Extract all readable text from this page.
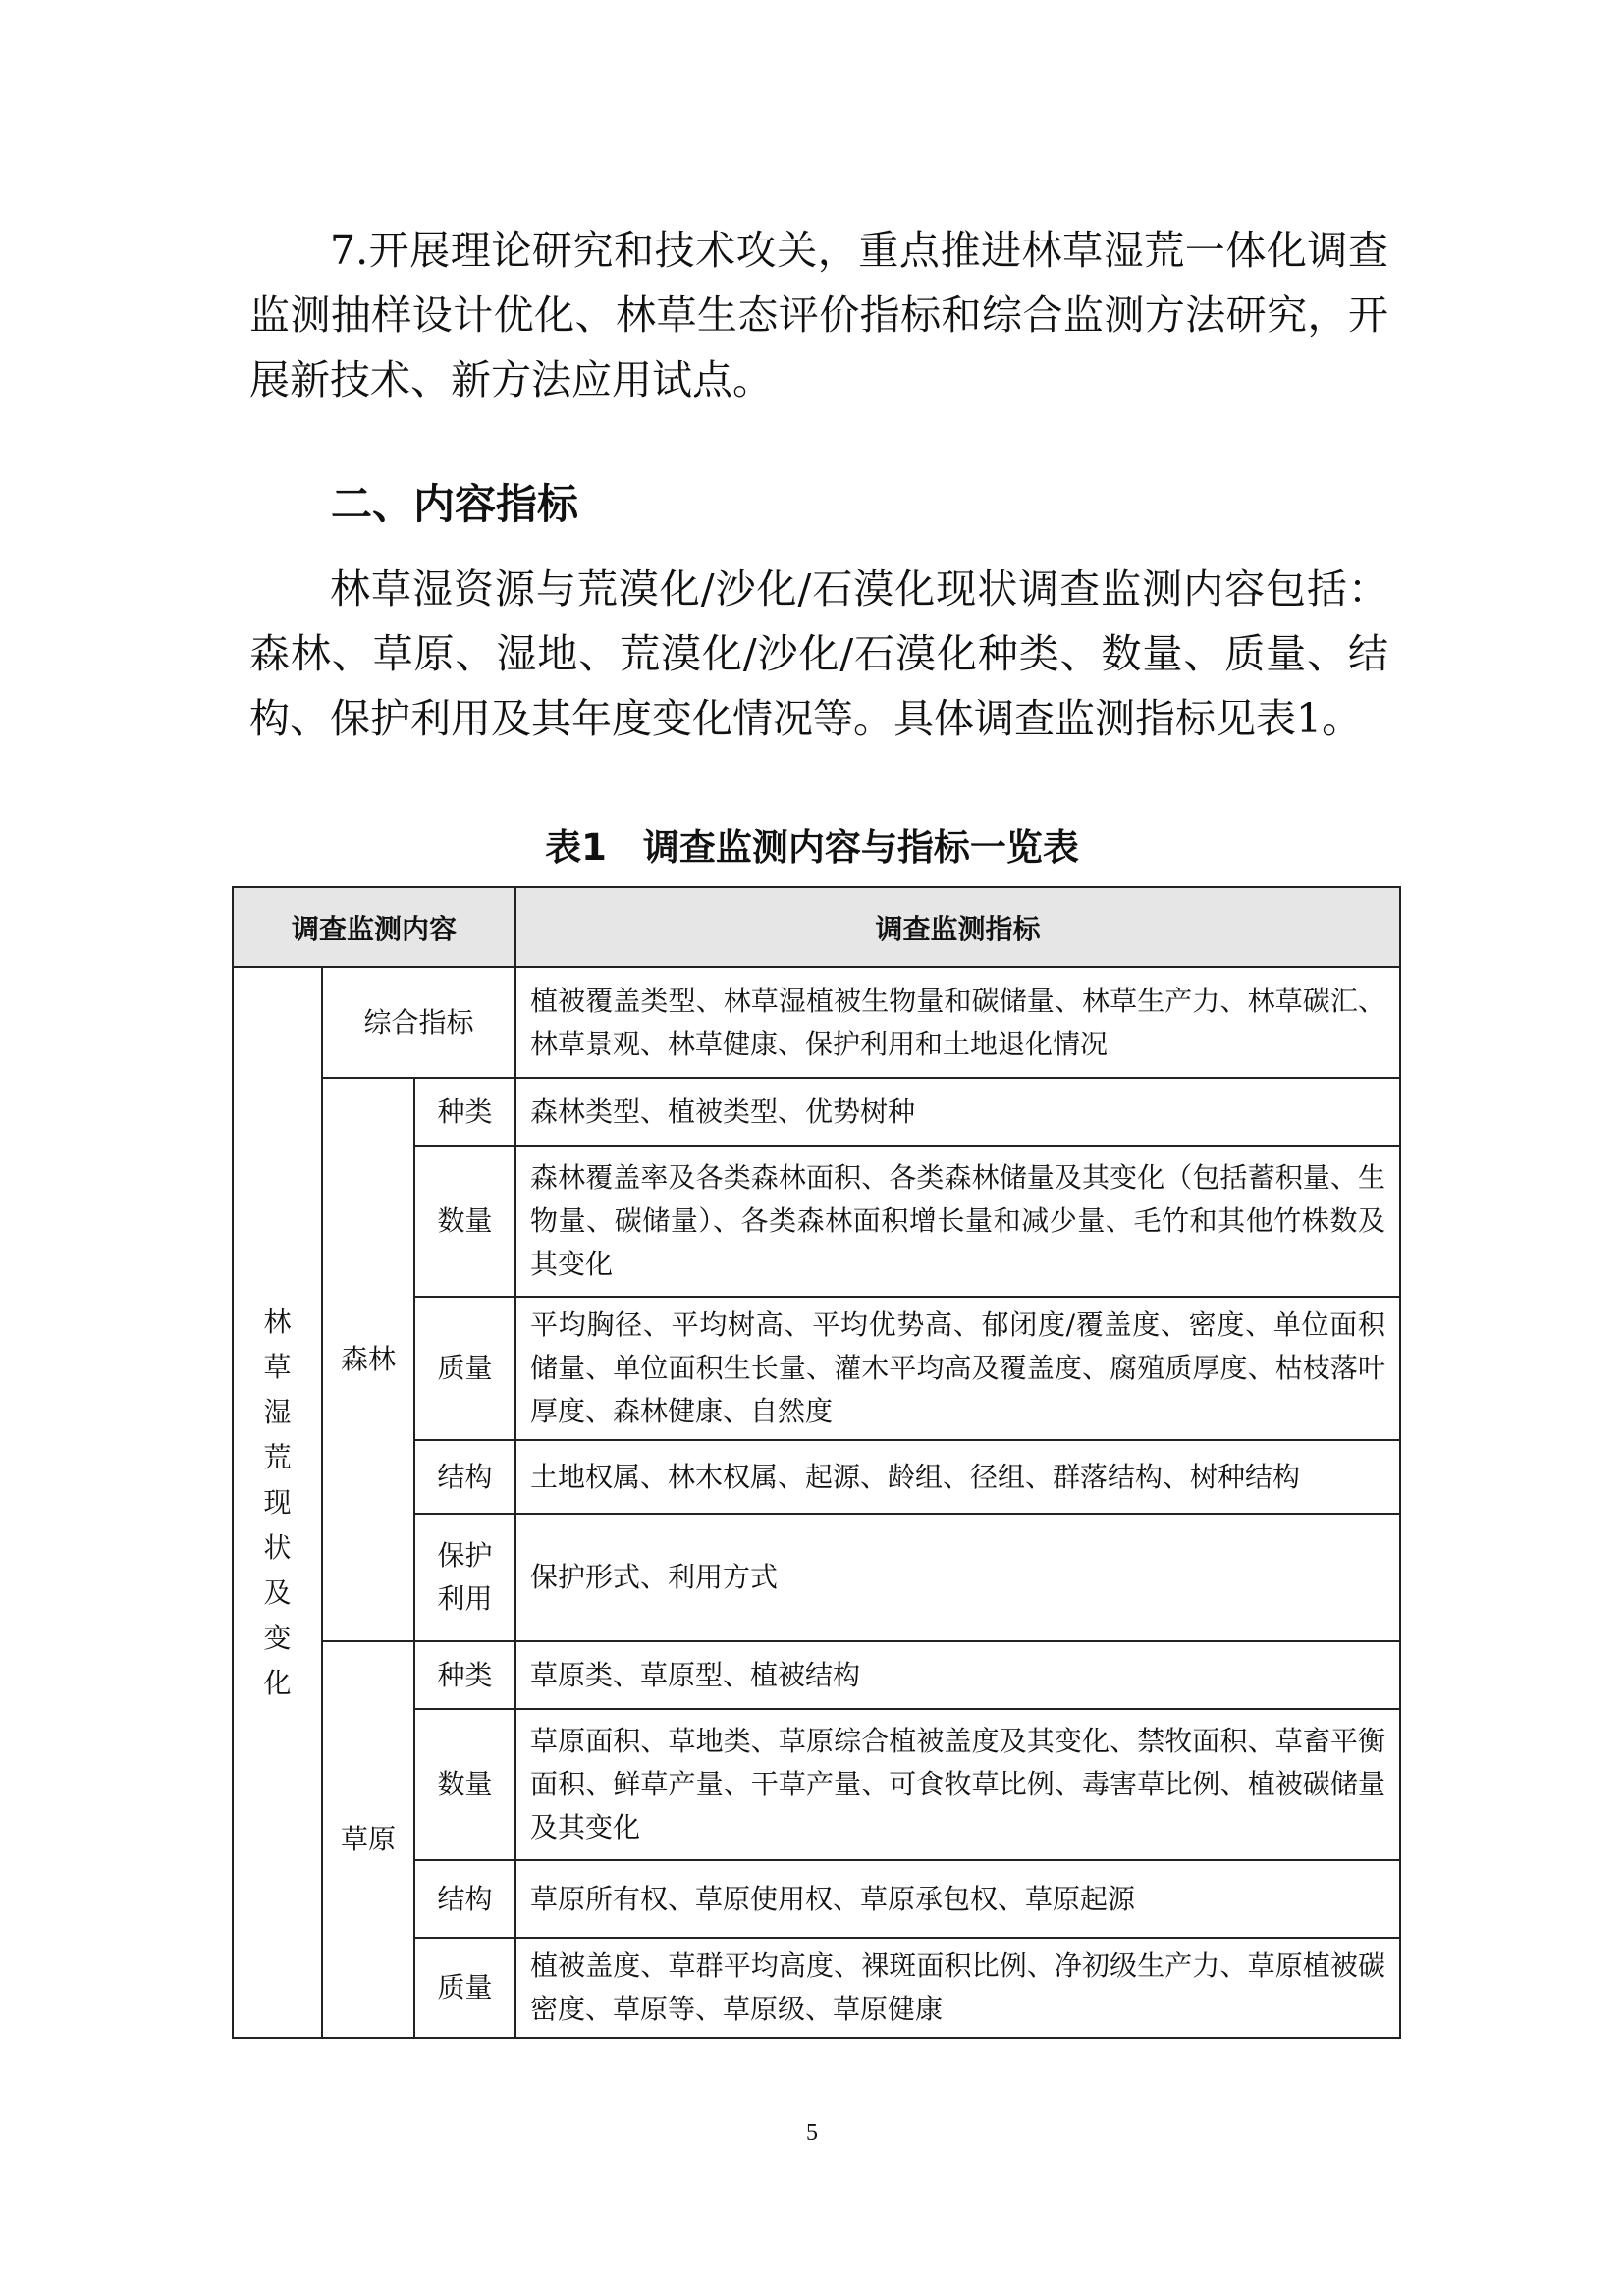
7.开展理论研究和技术攻关，重点推进林草湿荒一体化调查监测抽样设计优化、林草生态评价指标和综合监测方法研究，开展新技术、新方法应用试点。
二、内容指标
林草湿资源与荒漠化/沙化/石漠化现状调查监测内容包括：森林、草原、湿地、荒漠化/沙化/石漠化种类、数量、质量、结构、保护利用及其年度变化情况等。具体调查监测指标见表1。
表1　调查监测内容与指标一览表
调查监测内容			调查监测指标
林草湿荒现状及变化	综合指标		植被覆盖类型、林草湿植被生物量和碳储量、林草生产力、林草碳汇、林草景观、林草健康、保护利用和土地退化情况
	森林	种类	森林类型、植被类型、优势树种
		数量	森林覆盖率及各类森林面积、各类森林储量及其变化（包括蓄积量、生物量、碳储量）、各类森林面积增长量和减少量、毛竹和其他竹株数及其变化
		质量	平均胸径、平均树高、平均优势高、郁闭度/覆盖度、密度、单位面积储量、单位面积生长量、灌木平均高及覆盖度、腐殖质厚度、枯枝落叶厚度、森林健康、自然度
		结构	土地权属、林木权属、起源、龄组、径组、群落结构、树种结构
		保护利用	保护形式、利用方式
	草原	种类	草原类、草原型、植被结构
		数量	草原面积、草地类、草原综合植被盖度及其变化、禁牧面积、草畜平衡面积、鲜草产量、干草产量、可食牧草比例、毒害草比例、植被碳储量及其变化
		结构	草原所有权、草原使用权、草原承包权、草原起源
		质量	植被盖度、草群平均高度、裸斑面积比例、净初级生产力、草原植被碳密度、草原等、草原级、草原健康
5
